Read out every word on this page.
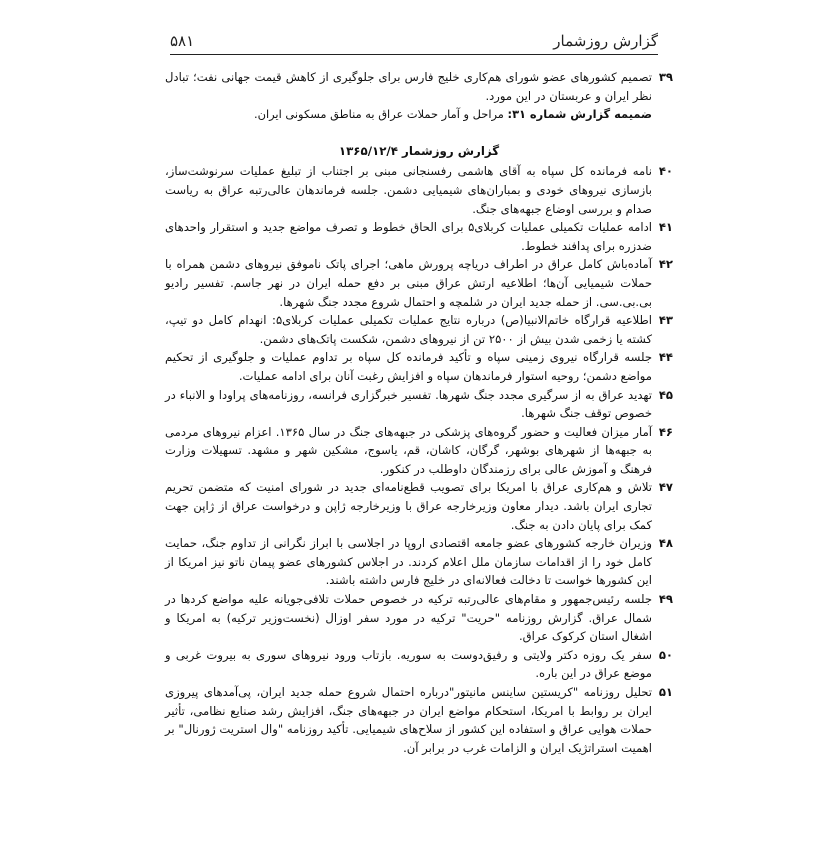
گزارش روزشمار
۵۸۱
۳۹
تصمیم کشورهای عضو شورای هم‌کاری خلیج فارس برای جلوگیری از کاهش قیمت جهانی نفت؛ تبادل نظر ایران و عربستان در این مورد.
ضمیمه گزارش شماره ۳۱: مراحل و آمار حملات عراق به مناطق مسکونی ایران.
گزارش روزشمار ۱۳۶۵/۱۲/۴
۴۰
نامه فرمانده کل سپاه به آقای هاشمی رفسنجانی مبنی بر اجتناب از تبلیغ عملیات سرنوشت‌ساز، بازسازی نیروهای خودی و بمباران‌های شیمیایی دشمن. جلسه فرماندهان عالی‌رتبه عراق به ریاست صدام و بررسی اوضاع جبهه‌های جنگ.
۴۱
ادامه عملیات تکمیلی عملیات کربلای۵ برای الحاق خطوط و تصرف مواضع جدید و استقرار واحدهای ضدزره برای پدافند خطوط.
۴۲
آماده‌باش کامل عراق در اطراف دریاچه پرورش ماهی؛ اجرای پاتک ناموفق نیروهای دشمن همراه با حملات شیمیایی آن‌ها؛ اطلاعیه ارتش عراق مبنی بر دفع حمله ایران در نهر جاسم. تفسیر رادیو بی.بی.سی. از حمله جدید ایران در شلمچه و احتمال شروع مجدد جنگ شهرها.
۴۳
اطلاعیه قرارگاه خاتم‌الانبیا(ص) درباره نتایج عملیات تکمیلی عملیات کربلای۵: انهدام کامل دو تیپ، کشته یا زخمی شدن بیش از ۲۵۰۰ تن از نیروهای دشمن، شکست پاتک‌های دشمن.
۴۴
جلسه قرارگاه نیروی زمینی سپاه و تأکید فرمانده کل سپاه بر تداوم عملیات و جلوگیری از تحکیم مواضع دشمن؛ روحیه استوار فرماندهان سپاه و افزایش رغبت آنان برای ادامه عملیات.
۴۵
تهدید عراق به از سرگیری مجدد جنگ شهرها. تفسیر خبرگزاری فرانسه، روزنامه‌های پراودا و الانباء در خصوص توقف جنگ شهرها.
۴۶
آمار میزان فعالیت و حضور گروه‌های پزشکی در جبهه‌های جنگ در سال ۱۳۶۵. اعزام نیروهای مردمی به جبهه‌ها از شهرهای بوشهر، گرگان، کاشان، قم، یاسوج، مشکین شهر و مشهد. تسهیلات وزارت فرهنگ و آموزش عالی برای رزمندگان داوطلب در کنکور.
۴۷
تلاش و هم‌کاری عراق با امریکا برای تصویب قطع‌نامه‌ای جدید در شورای امنیت که متضمن تحریم تجاری ایران باشد. دیدار معاون وزیرخارجه عراق با وزیرخارجه ژاپن و درخواست عراق از ژاپن جهت کمک برای پایان دادن به جنگ.
۴۸
وزیران خارجه کشورهای عضو جامعه اقتصادی اروپا در اجلاسی با ابراز نگرانی از تداوم جنگ، حمایت کامل خود را از اقدامات سازمان ملل اعلام کردند. در اجلاس کشورهای عضو پیمان ناتو نیز امریکا از این کشورها خواست تا دخالت فعالانه‌ای در خلیج فارس داشته باشند.
۴۹
جلسه رئیس‌جمهور و مقام‌های عالی‌رتبه ترکیه در خصوص حملات تلافی‌جویانه علیه مواضع کردها در شمال عراق. گزارش روزنامه "حریت" ترکیه در مورد سفر اوزال (نخست‌وزیر ترکیه) به امریکا و اشغال استان کرکوک عراق.
۵۰
سفر یک روزه دکتر ولایتی و رفیق‌دوست به سوریه. بازتاب ورود نیروهای سوری به بیروت غربی و موضع عراق در این باره.
۵۱
تحلیل روزنامه "کریستین ساینس مانیتور"درباره احتمال شروع حمله جدید ایران، پی‌آمدهای پیروزی ایران بر روابط با امریکا، استحکام مواضع ایران در جبهه‌های جنگ، افزایش رشد صنایع نظامی، تأثیر حملات هوایی عراق و استفاده این کشور از سلاح‌های شیمیایی. تأکید روزنامه "وال استریت ژورنال" بر اهمیت استراتژیک ایران و الزامات غرب در برابر آن.
